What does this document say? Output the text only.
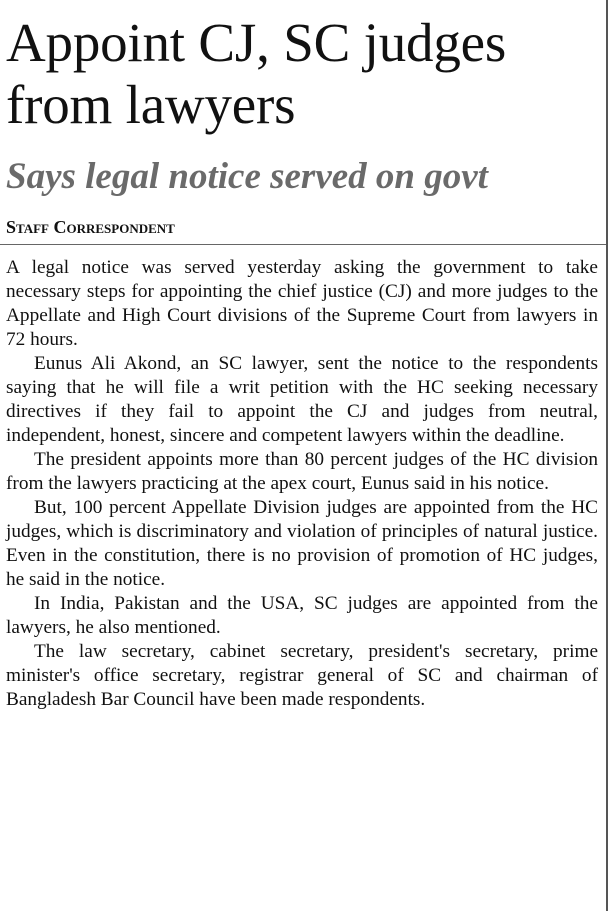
Appoint CJ, SC judges from lawyers
Says legal notice served on govt
Staff Correspondent

A legal notice was served yesterday asking the government to take necessary steps for appointing the chief justice (CJ) and more judges to the Appellate and High Court divisions of the Supreme Court from lawyers in 72 hours.

Eunus Ali Akond, an SC lawyer, sent the notice to the respondents saying that he will file a writ petition with the HC seeking necessary directives if they fail to appoint the CJ and judges from neutral, independent, honest, sincere and competent lawyers within the deadline.

The president appoints more than 80 percent judges of the HC division from the lawyers practicing at the apex court, Eunus said in his notice.

But, 100 percent Appellate Division judges are appointed from the HC judges, which is discriminatory and violation of principles of natural justice. Even in the constitution, there is no provision of promotion of HC judges, he said in the notice.

In India, Pakistan and the USA, SC judges are appointed from the lawyers, he also mentioned.

The law secretary, cabinet secretary, president's secretary, prime minister's office secretary, registrar general of SC and chairman of Bangladesh Bar Council have been made respondents.
